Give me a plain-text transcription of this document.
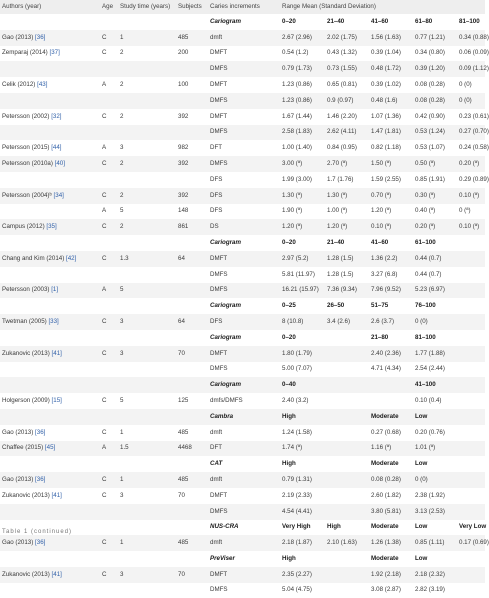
Authors (year)	Age	Study time (years)	Subjects	Caries increments	Range Mean (Standard Deviation)				
				Cariogram	0–20	21–40	41–60	61–80	81–100
Gao (2013) [36]	C	1	485	dmft	2.67 (2.96)	2.02 (1.75)	1.56 (1.63)	0.77 (1.21)	0.34 (0.88)
Zemparaj (2014) [37]	C	2	200	DMFT	0.54 (1.2)	0.43 (1.32)	0.39 (1.04)	0.34 (0.80)	0.06 (0.09)
				DMFS	0.79 (1.73)	0.73 (1.55)	0.48 (1.72)	0.39 (1.20)	0.09 (1.12)
Celik (2012) [43]	A	2	100	DMFT	1.23 (0.86)	0.65 (0.81)	0.39 (1.02)	0.08 (0.28)	0 (0)
				DMFS	1.23 (0.86)	0.9 (0.97)	0.48 (1.6)	0.08 (0.28)	0 (0)
Petersson (2002) [32]	C	2	392	DMFT	1.67 (1.44)	1.46 (2.20)	1.07 (1.36)	0.42 (0.90)	0.23 (0.61)
				DMFS	2.58 (1.83)	2.62 (4.11)	1.47 (1.81)	0.53 (1.24)	0.27 (0.70)
Petersson (2015) [44]	A	3	982	DFT	1.00 (1.40)	0.84 (0.95)	0.82 (1.18)	0.53 (1.07)	0.24 (0.58)
Petersson (2010a) [40]	C	2	392	DMFS	3.00 (ª)	2.70 (ª)	1.50 (ª)	0.50 (ª)	0.20 (ª)
				DFS	1.99 (3.00)	1.7 (1.76)	1.59 (2.55)	0.85 (1.91)	0.29 (0.89)
Petersson (2004)ᵇ [34]	C	2	392	DFS	1.30 (ª)	1.30 (ª)	0.70 (ª)	0.30 (ª)	0.10 (ª)
	A	5	148	DFS	1.90 (ª)	1.00 (ª)	1.20 (ª)	0.40 (ª)	0 (ª)
Campus (2012) [35]	C	2	861	DS	1.20 (ª)	1.20 (ª)	0.10 (ª)	0.20 (ª)	0.10 (ª)
				Cariogram	0–20	21–40	41–60	61–100	
Chang and Kim (2014) [42]	C	1.3	64	DMFT	2.97 (5.2)	1.28 (1.5)	1.36 (2.2)	0.44 (0.7)	
				DMFS	5.81 (11.97)	1.28 (1.5)	3.27 (6.8)	0.44 (0.7)	
Petersson (2003) [1]	A	5		DMFS	16.21 (15.97)	7.36 (9.34)	7.96 (9.52)	5.23 (6.97)	
				Cariogram	0–25	26–50	51–75	76–100	
Twetman (2005) [33]	C	3	64	DFS	8 (10.8)	3.4 (2.6)	2.6 (3.7)	0 (0)	
				Cariogram	0–20		21–80	81–100	
Zukanovic (2013) [41]	C	3	70	DMFT	1.80 (1.79)		2.40 (2.36)	1.77 (1.88)	
				DMFS	5.00 (7.07)		4.71 (4.34)	2.54 (2.44)	
				Cariogram	0–40			41–100	
Holgerson (2009) [15]	C	5	125	dmfs/DMFS	2.40 (3.2)			0.10 (0.4)	
				Cambra	High		Moderate	Low	
Gao (2013) [36]	C	1	485	dmft	1.24 (1.58)		0.27 (0.68)	0.20 (0.76)	
Chaffee (2015) [45]	A	1.5	4468	DFT	1.74 (ª)		1.16 (ª)	1.01 (ª)	
				CAT	High		Moderate	Low	
Gao (2013) [36]	C	1	485	dmft	0.79 (1.31)		0.08 (0.28)	0 (0)	
Zukanovic (2013) [41]	C	3	70	DMFT	2.19 (2.33)		2.60 (1.82)	2.38 (1.92)	
				DMFS	4.54 (4.41)		3.80 (5.81)	3.13 (2.53)	
				NUS-CRA	Very High	High	Moderate	Low	Very Low
Gao (2013) [36]	C	1	485	dmft	2.18 (1.87)	2.10 (1.63)	1.26 (1.38)	0.85 (1.11)	0.17 (0.69)
				PreViser	High		Moderate	Low	
Zukanovic (2013) [41]	C	3	70	DMFT	2.35 (2.27)		1.92 (2.18)	2.18 (2.32)	
				DMFS	5.04 (4.75)		3.08 (2.87)	2.82 (3.19)	
Table 1 (continued)
